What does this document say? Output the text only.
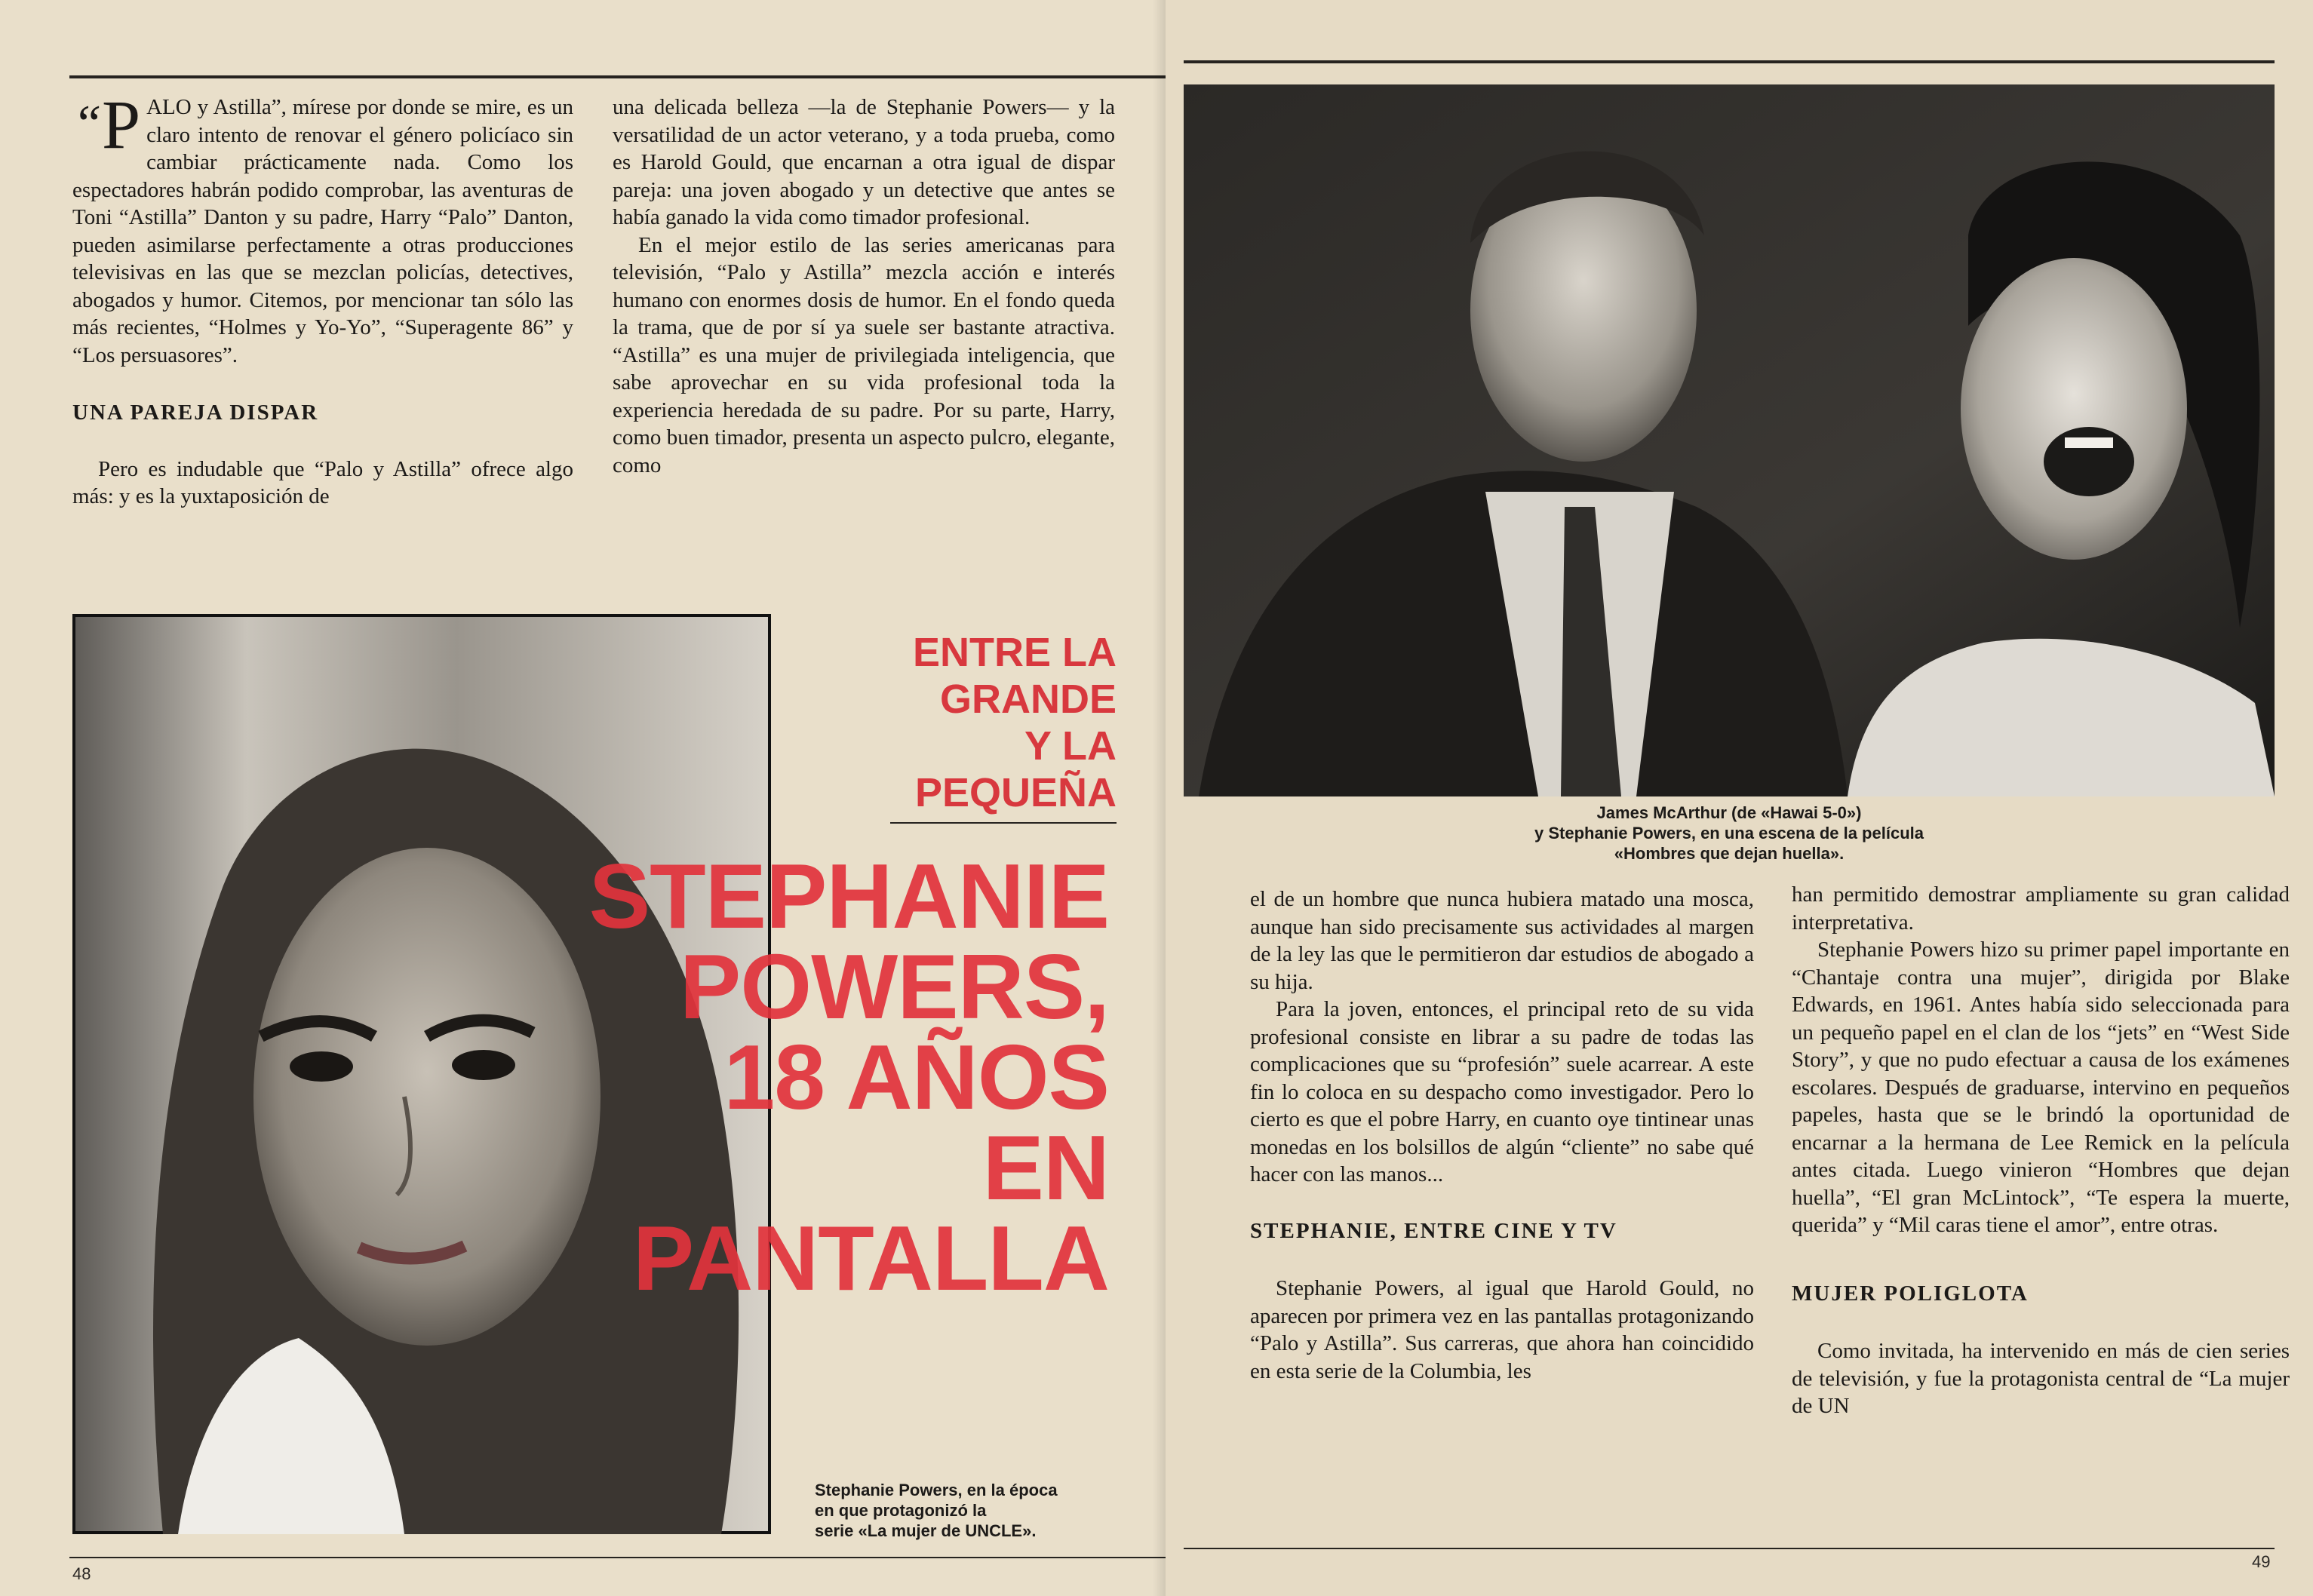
“P ALO y Astilla”, mírese por donde se mire, es un claro intento de renovar el género policíaco sin cambiar prácticamente nada. Como los espectadores habrán podido comprobar, las aventuras de Toni “Astilla” Danton y su padre, Harry “Palo” Danton, pueden asimilarse perfectamente a otras producciones televisivas en las que se mezclan policías, detectives, abogados y humor. Citemos, por mencionar tan sólo las más recientes, “Holmes y Yo-Yo”, “Superagente 86” y “Los persuasores”.

UNA PAREJA DISPAR

Pero es indudable que “Palo y Astilla” ofrece algo más: y es la yuxtaposición de

una delicada belleza —la de Stephanie Powers— y la versatilidad de un actor veterano, y a toda prueba, como es Harold Gould, que encarnan a otra igual de dispar pareja: una joven abogado y un detective que antes se había ganado la vida como timador profesional.

En el mejor estilo de las series americanas para televisión, “Palo y Astilla” mezcla acción e interés humano con enormes dosis de humor. En el fondo queda la trama, que de por sí ya suele ser bastante atractiva. “Astilla” es una mujer de privilegiada inteligencia, que sabe aprovechar en su vida profesional toda la experiencia heredada de su padre. Por su parte, Harry, como buen timador, presenta un aspecto pulcro, elegante, como

ENTRE LA
GRANDE
Y LA
PEQUEÑA
STEPHANIE
POWERS,
18 AÑOS
EN
PANTALLA
Stephanie Powers, en la época
en que protagonizó la
serie «La mujer de UNCLE».
48
James McArthur (de «Hawai 5-0»)
y Stephanie Powers, en una escena de la película
«Hombres que dejan huella».

el de un hombre que nunca hubiera matado una mosca, aunque han sido precisamente sus actividades al margen de la ley las que le permitieron dar estudios de abogado a su hija.

Para la joven, entonces, el principal reto de su vida profesional consiste en librar a su padre de todas las complicaciones que su “profesión” suele acarrear. A este fin lo coloca en su despacho como investigador. Pero lo cierto es que el pobre Harry, en cuanto oye tintinear unas monedas en los bolsillos de algún “cliente” no sabe qué hacer con las manos...

STEPHANIE, ENTRE CINE Y TV

Stephanie Powers, al igual que Harold Gould, no aparecen por primera vez en las pantallas protagonizando “Palo y Astilla”. Sus carreras, que ahora han coincidido en esta serie de la Columbia, les

han permitido demostrar ampliamente su gran calidad interpretativa.

Stephanie Powers hizo su primer papel importante en “Chantaje contra una mujer”, dirigida por Blake Edwards, en 1961. Antes había sido seleccionada para un pequeño papel en el clan de los “jets” en “West Side Story”, y que no pudo efectuar a causa de los exámenes escolares. Después de graduarse, intervino en pequeños papeles, hasta que se le brindó la oportunidad de encarnar a la hermana de Lee Remick en la película antes citada. Luego vinieron “Hombres que dejan huella”, “El gran McLintock”, “Te espera la muerte, querida” y “Mil caras tiene el amor”, entre otras.

MUJER POLIGLOTA

Como invitada, ha intervenido en más de cien series de televisión, y fue la protagonista central de “La mujer de UN

49
